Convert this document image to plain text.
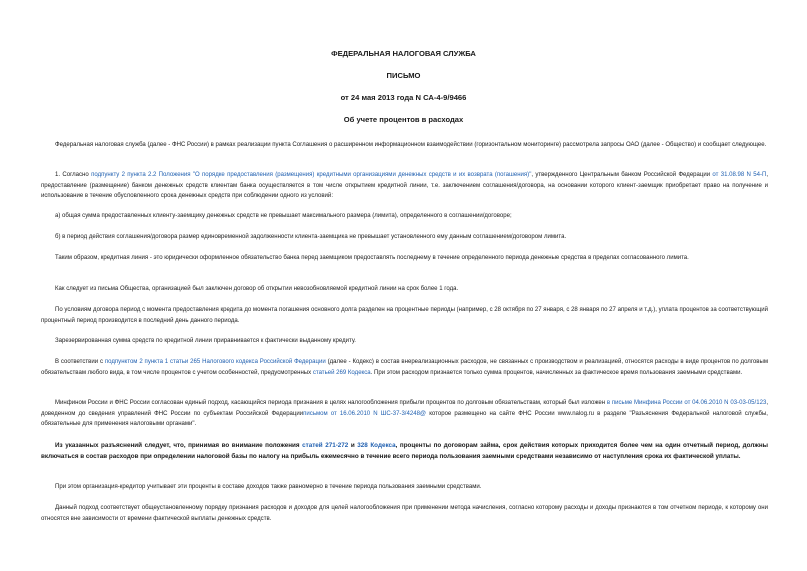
ФЕДЕРАЛЬНАЯ НАЛОГОВАЯ СЛУЖБА
ПИСЬМО
от 24 мая 2013 года N СА-4-9/9466
Об учете процентов в расходах
Федеральная налоговая служба (далее - ФНС России) в рамках реализации пункта Соглашения о расширенном информационном взаимодействии (горизонтальном мониторинге) рассмотрела запросы ОАО (далее - Общество) и сообщает следующее.
1. Согласно подпункту 2 пункта 2.2 Положения "О порядке предоставления (размещения) кредитными организациями денежных средств и их возврата (погашения)", утвержденного Центральным банком Российской Федерации от 31.08.98 N 54-П, предоставление (размещение) банком денежных средств клиентам банка осуществляется в том числе открытием кредитной линии, т.е. заключением соглашения/договора, на основании которого клиент-заемщик приобретает право на получение и использование в течение обусловленного срока денежных средств при соблюдении одного из условий:
а) общая сумма предоставленных клиенту-заемщику денежных средств не превышает максимального размера (лимита), определенного в соглашении/договоре;
б) в период действия соглашения/договора размер единовременной задолженности клиента-заемщика не превышает установленного ему данным соглашением/договором лимита.
Таким образом, кредитная линия - это юридически оформленное обязательство банка перед заемщиком предоставлять последнему в течение определенного периода денежные средства в пределах согласованного лимита.
Как следует из письма Общества, организацией был заключен договор об открытии невозобновляемой кредитной линии на срок более 1 года.
По условиям договора период с момента предоставления кредита до момента погашения основного долга разделен на процентные периоды (например, с 28 октября по 27 января, с 28 января по 27 апреля и т.д.), уплата процентов за соответствующий процентный период производится в последний день данного периода.
Зарезервированная сумма средств по кредитной линии приравнивается к фактически выданному кредиту.
В соответствии с подпунктом 2 пункта 1 статьи 265 Налогового кодекса Российской Федерации (далее - Кодекс) в состав внереализационных расходов, не связанных с производством и реализацией, относятся расходы в виде процентов по долговым обязательствам любого вида, в том числе процентов с учетом особенностей, предусмотренных статьей 269 Кодекса. При этом расходом признается только сумма процентов, начисленных за фактическое время пользования заемными средствами.
Минфином России и ФНС России согласован единый подход, касающийся периода признания в целях налогообложения прибыли процентов по долговым обязательствам, который был изложен в письме Минфина России от 04.06.2010 N 03-03-05/123, доведенном до сведения управлений ФНС России по субъектам Российской Федерацииписьмом от 16.06.2010 N ШС-37-3/4248@ которое размещено на сайте ФНС России www.nalog.ru в разделе "Разъяснения Федеральной налоговой службы, обязательные для применения налоговыми органами".
Из указанных разъяснений следует, что, принимая во внимание положения статей 271-272 и 328 Кодекса, проценты по договорам займа, срок действия которых приходится более чем на один отчетный период, должны включаться в состав расходов при определении налоговой базы по налогу на прибыль ежемесячно в течение всего периода пользования заемными средствами независимо от наступления срока их фактической уплаты.
При этом организация-кредитор учитывает эти проценты в составе доходов также равномерно в течение периода пользования заемными средствами.
Данный подход соответствует общеустановленному порядку признания расходов и доходов для целей налогообложения при применении метода начисления, согласно которому расходы и доходы признаются в том отчетном периоде, к которому они относятся вне зависимости от времени фактической выплаты денежных средств.
